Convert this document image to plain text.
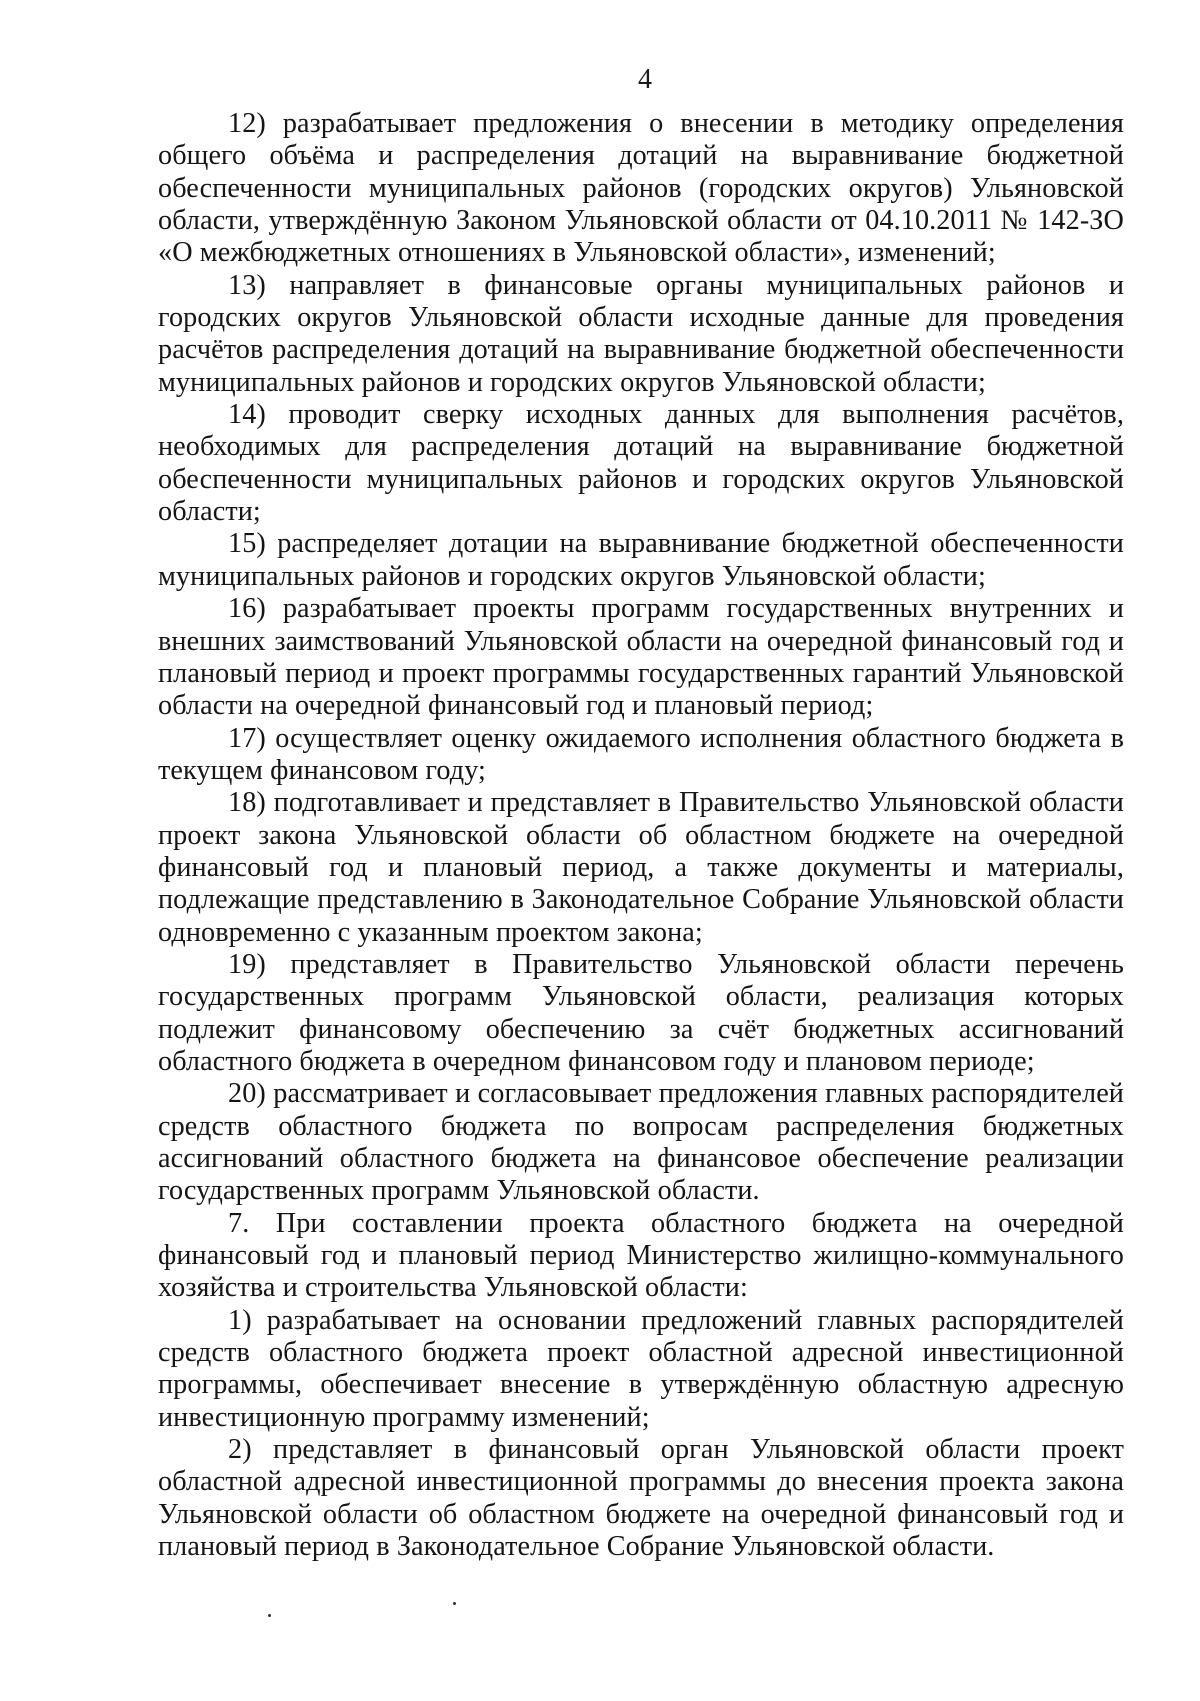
4

12) разрабатывает предложения о внесении в методику определения общего объёма и распределения дотаций на выравнивание бюджетной обеспеченности муниципальных районов (городских округов) Ульяновской области, утверждённую Законом Ульяновской области от 04.10.2011 № 142-ЗО «О межбюджетных отношениях в Ульяновской области», изменений;

13) направляет в финансовые органы муниципальных районов и городских округов Ульяновской области исходные данные для проведения расчётов распределения дотаций на выравнивание бюджетной обеспеченности муниципальных районов и городских округов Ульяновской области;

14) проводит сверку исходных данных для выполнения расчётов, необходимых для распределения дотаций на выравнивание бюджетной обеспеченности муниципальных районов и городских округов Ульяновской области;

15) распределяет дотации на выравнивание бюджетной обеспеченности муниципальных районов и городских округов Ульяновской области;

16) разрабатывает проекты программ государственных внутренних и внешних заимствований Ульяновской области на очередной финансовый год и плановый период и проект программы государственных гарантий Ульяновской области на очередной финансовый год и плановый период;

17) осуществляет оценку ожидаемого исполнения областного бюджета в текущем финансовом году;

18) подготавливает и представляет в Правительство Ульяновской области проект закона Ульяновской области об областном бюджете на очередной финансовый год и плановый период, а также документы и материалы, подлежащие представлению в Законодательное Собрание Ульяновской области одновременно с указанным проектом закона;

19) представляет в Правительство Ульяновской области перечень государственных программ Ульяновской области, реализация которых подлежит финансовому обеспечению за счёт бюджетных ассигнований областного бюджета в очередном финансовом году и плановом периоде;

20) рассматривает и согласовывает предложения главных распорядителей средств областного бюджета по вопросам распределения бюджетных ассигнований областного бюджета на финансовое обеспечение реализации государственных программ Ульяновской области.

7. При составлении проекта областного бюджета на очередной финансовый год и плановый период Министерство жилищно-коммунального хозяйства и строительства Ульяновской области:

1) разрабатывает на основании предложений главных распорядителей средств областного бюджета проект областной адресной инвестиционной программы, обеспечивает внесение в утверждённую областную адресную инвестиционную программу изменений;

2) представляет в финансовый орган Ульяновской области проект областной адресной инвестиционной программы до внесения проекта закона Ульяновской области об областном бюджете на очередной финансовый год и плановый период в Законодательное Собрание Ульяновской области.
